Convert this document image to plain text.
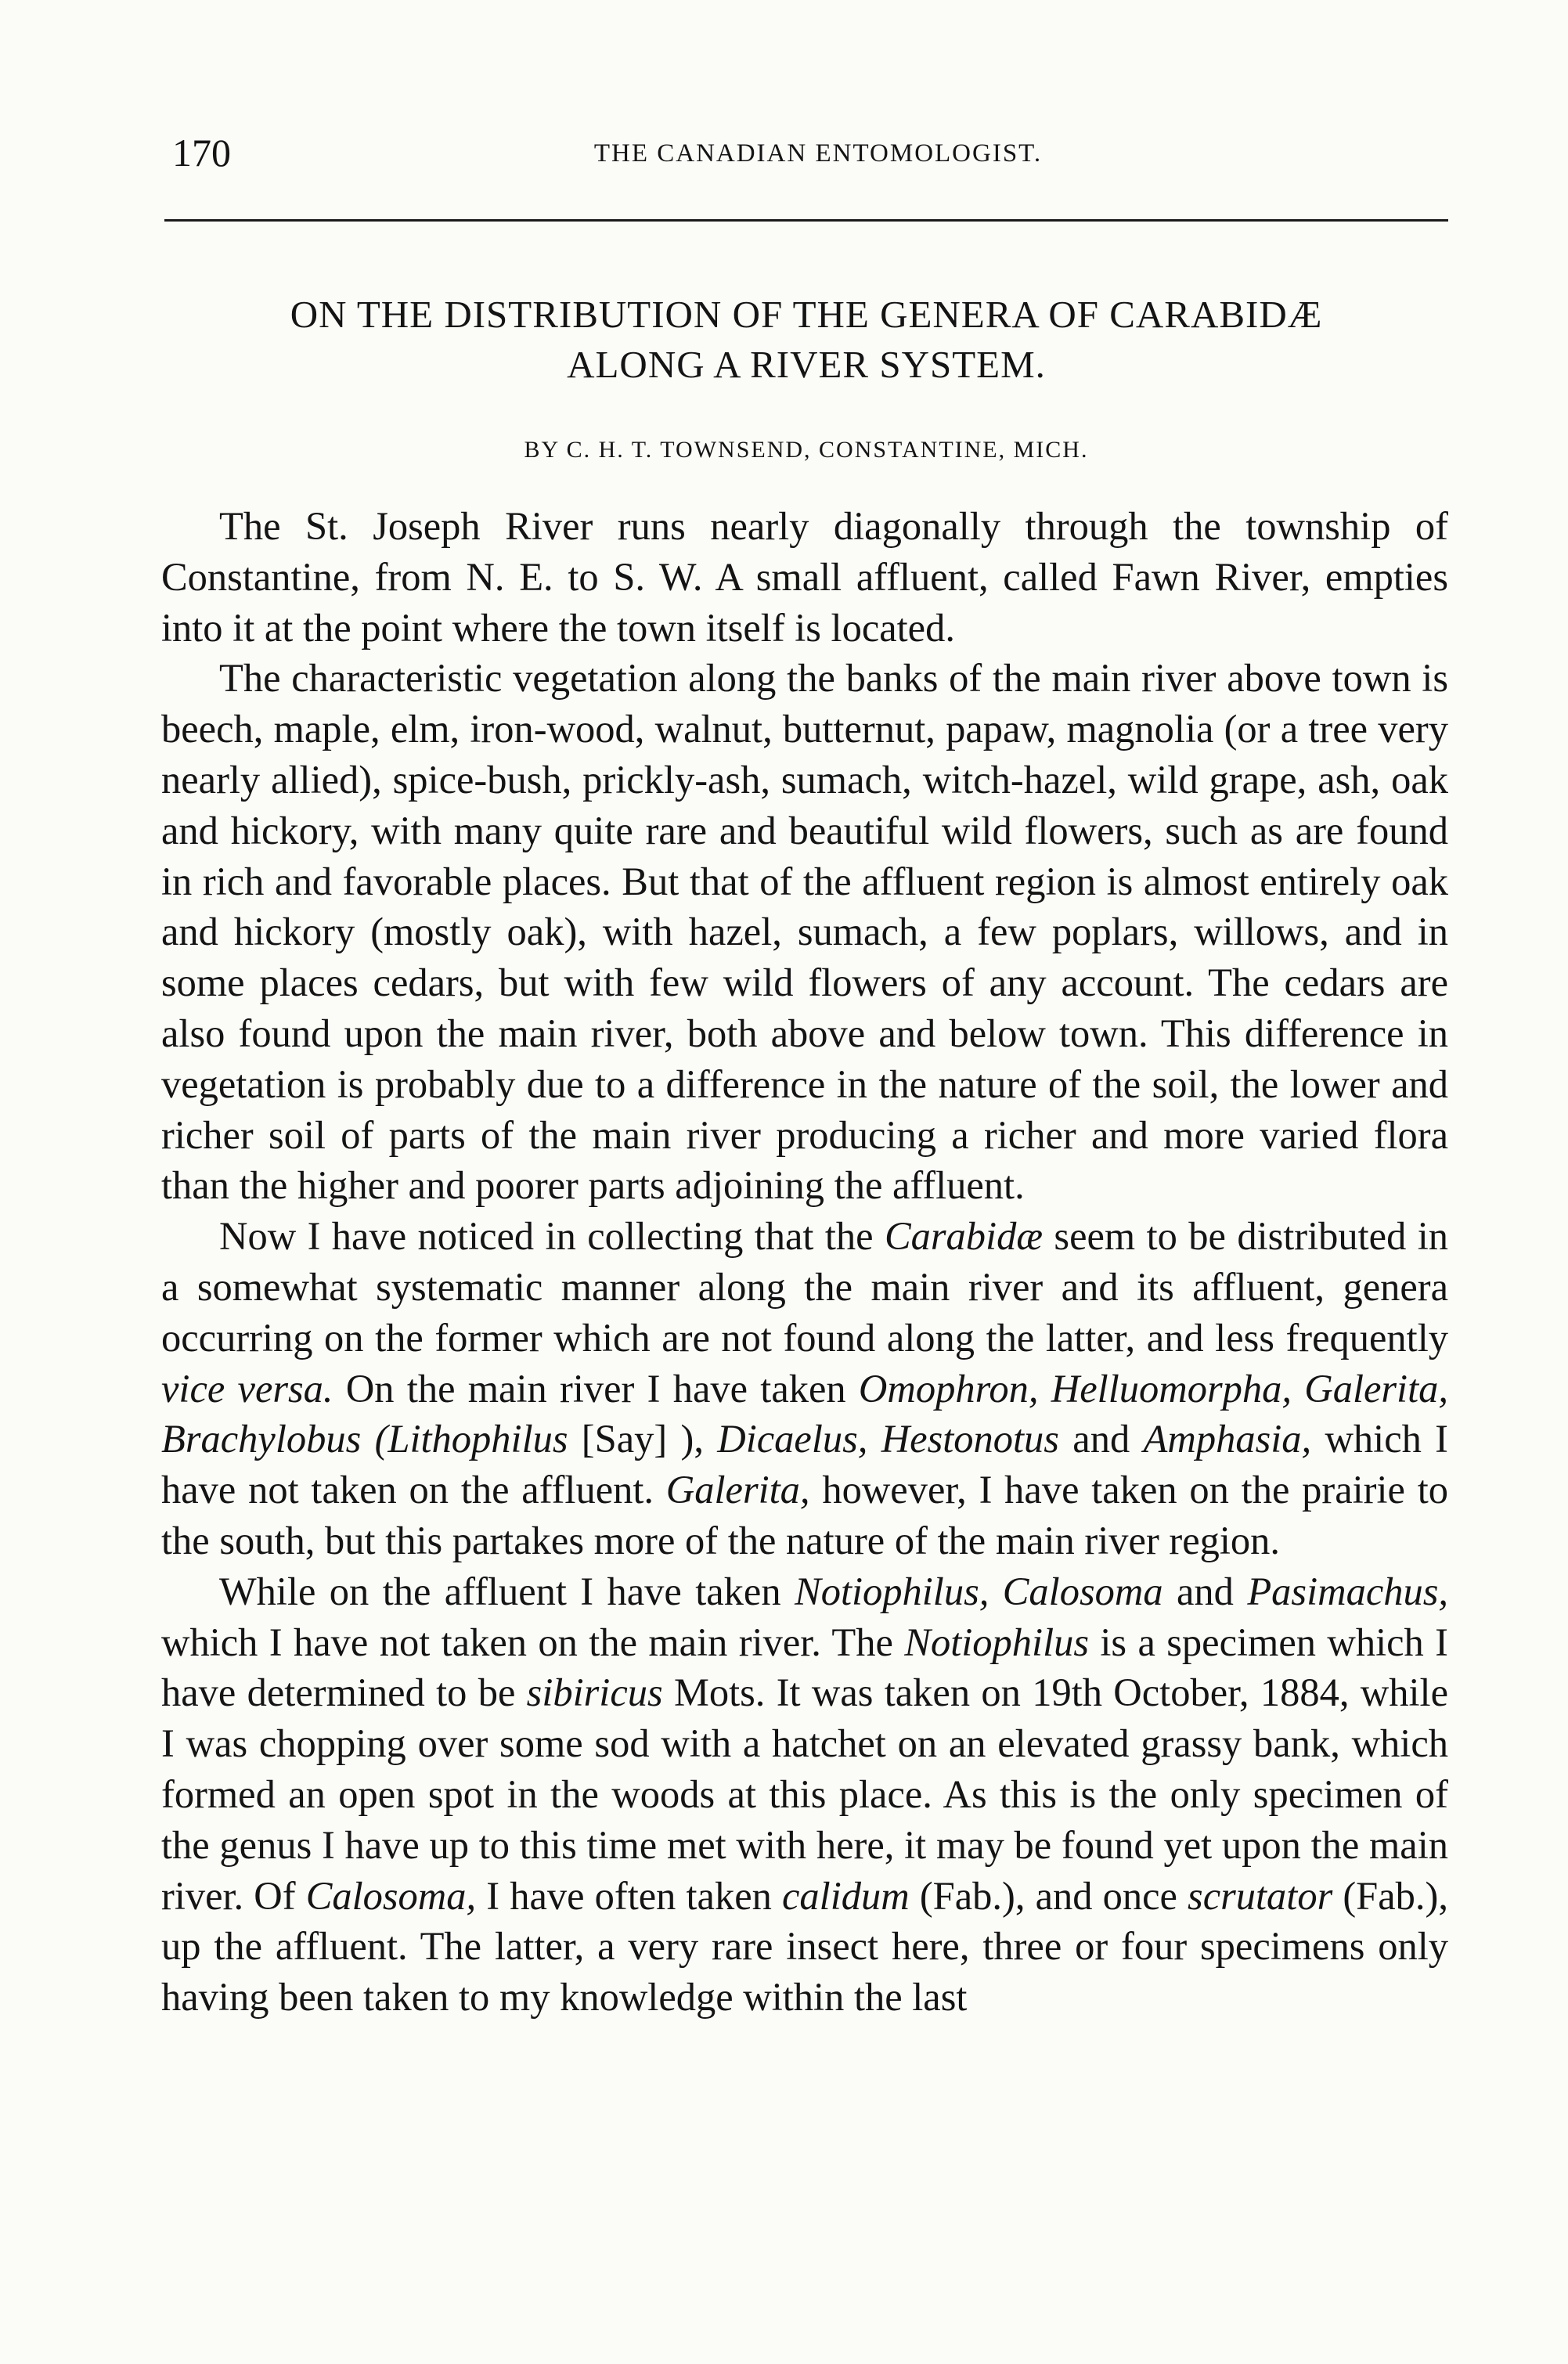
170	THE CANADIAN ENTOMOLOGIST.
ON THE DISTRIBUTION OF THE GENERA OF CARABIDÆ
ALONG A RIVER SYSTEM.
BY C. H. T. TOWNSEND, CONSTANTINE, MICH.

The St. Joseph River runs nearly diagonally through the township of Constantine, from N. E. to S. W. A small affluent, called Fawn River, empties into it at the point where the town itself is located.

The characteristic vegetation along the banks of the main river above town is beech, maple, elm, iron-wood, walnut, butternut, papaw, magnolia (or a tree very nearly allied), spice-bush, prickly-ash, sumach, witch-hazel, wild grape, ash, oak and hickory, with many quite rare and beautiful wild flowers, such as are found in rich and favorable places. But that of the affluent region is almost entirely oak and hickory (mostly oak), with hazel, sumach, a few poplars, willows, and in some places cedars, but with few wild flowers of any account. The cedars are also found upon the main river, both above and below town. This difference in vegetation is probably due to a difference in the nature of the soil, the lower and richer soil of parts of the main river producing a richer and more varied flora than the higher and poorer parts adjoining the affluent.

Now I have noticed in collecting that the Carabidæ seem to be distributed in a somewhat systematic manner along the main river and its affluent, genera occurring on the former which are not found along the latter, and less frequently vice versa. On the main river I have taken Omophron, Helluomorpha, Galerita, Brachylobus (Lithophilus [Say] ), Dicaelus, Hestonotus and Amphasia, which I have not taken on the affluent. Galerita, however, I have taken on the prairie to the south, but this partakes more of the nature of the main river region.

While on the affluent I have taken Notiophilus, Calosoma and Pasimachus, which I have not taken on the main river. The Notiophilus is a specimen which I have determined to be sibiricus Mots. It was taken on 19th October, 1884, while I was chopping over some sod with a hatchet on an elevated grassy bank, which formed an open spot in the woods at this place. As this is the only specimen of the genus I have up to this time met with here, it may be found yet upon the main river. Of Calosoma, I have often taken calidum (Fab.), and once scrutator (Fab.), up the affluent. The latter, a very rare insect here, three or four specimens only having been taken to my knowledge within the last
